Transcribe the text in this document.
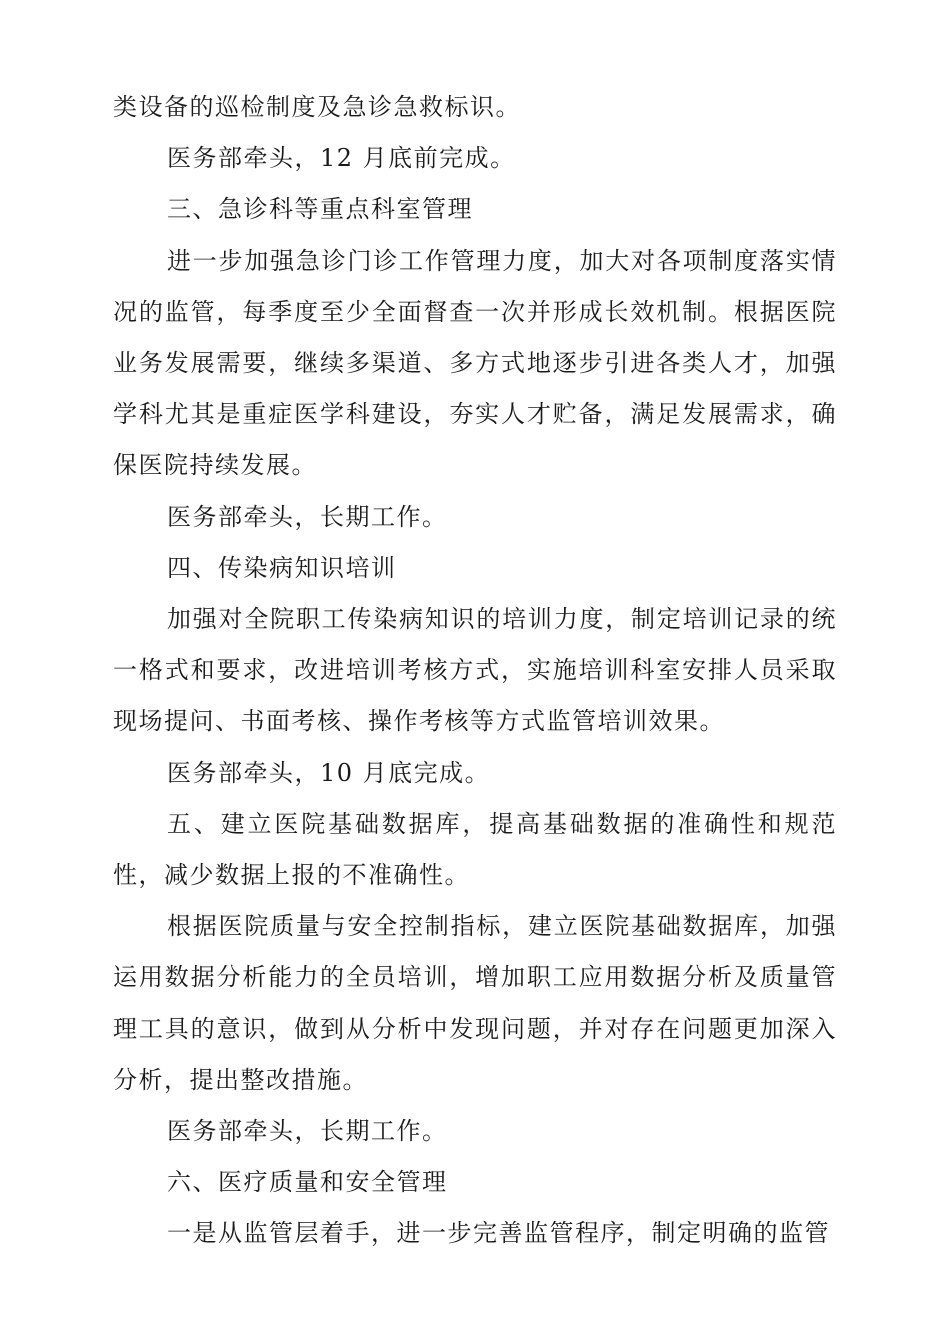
类设备的巡检制度及急诊急救标识。

医务部牵头，12 月底前完成。

三、急诊科等重点科室管理

进一步加强急诊门诊工作管理力度，加大对各项制度落实情况的监管，每季度至少全面督查一次并形成长效机制。根据医院业务发展需要，继续多渠道、多方式地逐步引进各类人才，加强学科尤其是重症医学科建设，夯实人才贮备，满足发展需求，确保医院持续发展。

医务部牵头，长期工作。

四、传染病知识培训

加强对全院职工传染病知识的培训力度，制定培训记录的统一格式和要求，改进培训考核方式，实施培训科室安排人员采取现场提问、书面考核、操作考核等方式监管培训效果。

医务部牵头，10 月底完成。

五、建立医院基础数据库，提高基础数据的准确性和规范性，减少数据上报的不准确性。

根据医院质量与安全控制指标，建立医院基础数据库，加强运用数据分析能力的全员培训，增加职工应用数据分析及质量管理工具的意识，做到从分析中发现问题，并对存在问题更加深入分析，提出整改措施。

医务部牵头，长期工作。

六、医疗质量和安全管理

一是从监管层着手，进一步完善监管程序，制定明确的监管
